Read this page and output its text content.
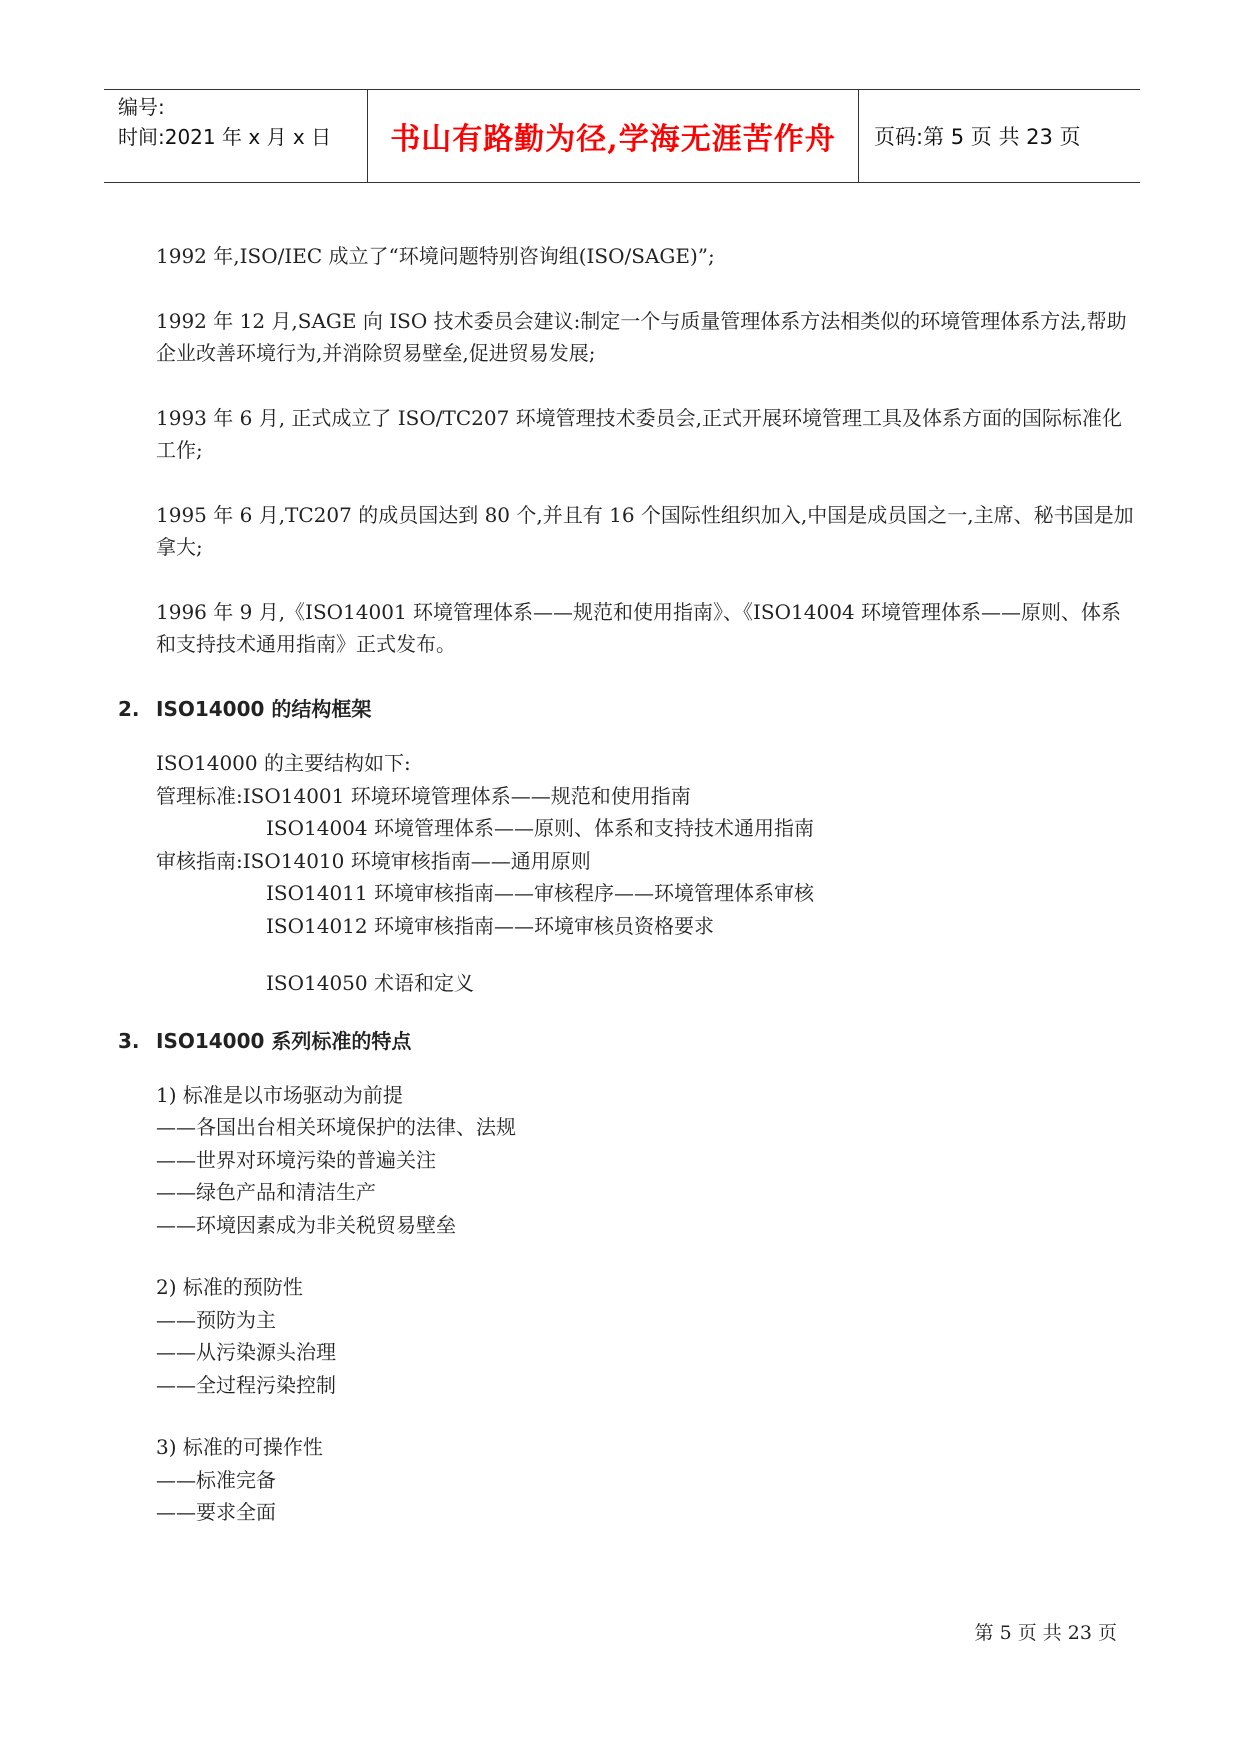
编号:
时间:2021 年 x 月 x 日	书山有路勤为径,学海无涯苦作舟	页码:第 5 页 共 23 页

1992 年,ISO/IEC 成立了“环境问题特别咨询组(ISO/SAGE)”;

1992 年 12 月,SAGE 向 ISO 技术委员会建议:制定一个与质量管理体系方法相类似的环境管理体系方法,帮助企业改善环境行为,并消除贸易壁垒,促进贸易发展;

1993 年 6 月, 正式成立了 ISO/TC207 环境管理技术委员会,正式开展环境管理工具及体系方面的国际标准化工作;

1995 年 6 月,TC207 的成员国达到 80 个,并且有 16 个国际性组织加入,中国是成员国之一,主席、秘书国是加拿大;

1996 年 9 月,《ISO14001 环境管理体系——规范和使用指南》、《ISO14004 环境管理体系——原则、体系和支持技术通用指南》正式发布。

2. ISO14000 的结构框架
ISO14000 的主要结构如下:
管理标准:ISO14001 环境环境管理体系——规范和使用指南
ISO14004 环境管理体系——原则、体系和支持技术通用指南
审核指南:ISO14010 环境审核指南——通用原则
ISO14011 环境审核指南——审核程序——环境管理体系审核
ISO14012 环境审核指南——环境审核员资格要求
ISO14050 术语和定义
3. ISO14000 系列标准的特点
1) 标准是以市场驱动为前提
——各国出台相关环境保护的法律、法规
——世界对环境污染的普遍关注
——绿色产品和清洁生产
——环境因素成为非关税贸易壁垒
2) 标准的预防性
——预防为主
——从污染源头治理
——全过程污染控制
3) 标准的可操作性
——标准完备
——要求全面
第 5 页 共 23 页
